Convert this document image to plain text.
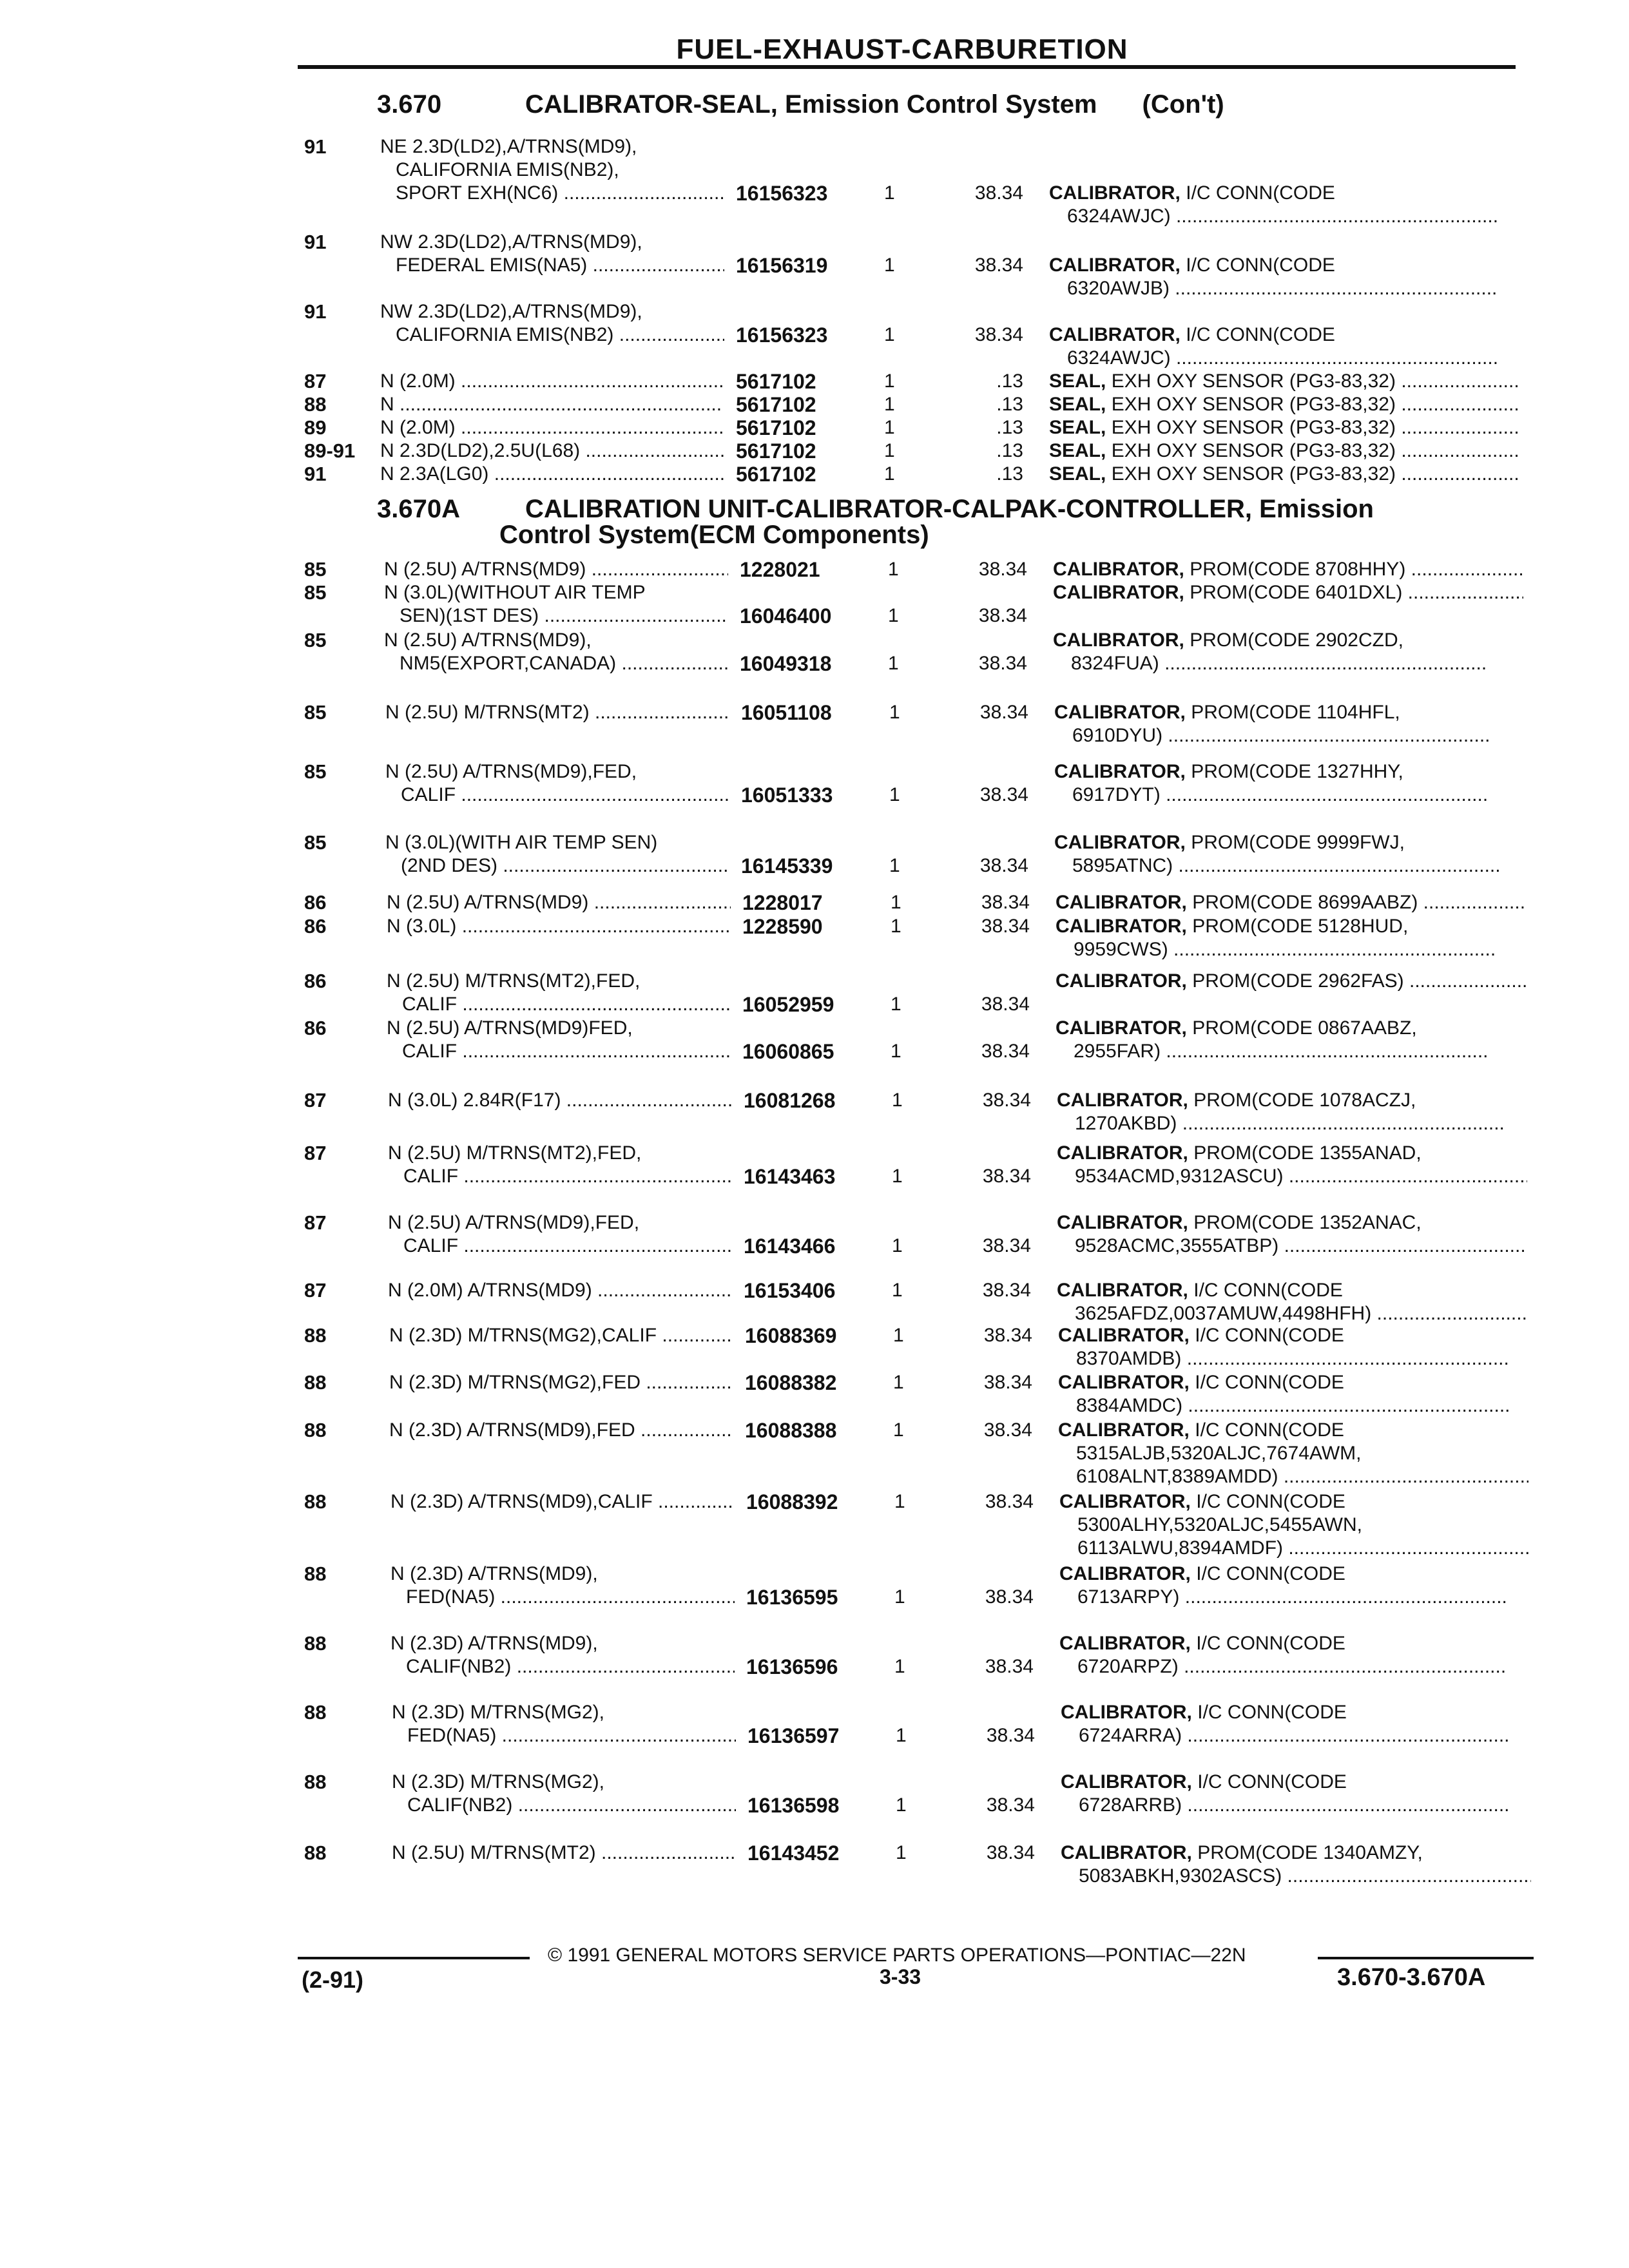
FUEL-EXHAUST-CARBURETION
3.670	CALIBRATOR-SEAL, Emission Control System (Con't)
3.670A	CALIBRATION UNIT-CALIBRATOR-CALPAK-CONTROLLER, Emission
Control System(ECM Components)
91	NE 2.3D(LD2),A/TRNS(MD9),
CALIFORNIA EMIS(NB2),
SPORT EXH(NC6) .....	16156323	1	38.34 CALIBRATOR, I/C CONN(CODE
6324AWJC) .....
91	NW 2.3D(LD2),A/TRNS(MD9),
FEDERAL EMIS(NA5) .....	16156319	1	38.34 CALIBRATOR, I/C CONN(CODE
6320AWJB) .....
91	NW 2.3D(LD2),A/TRNS(MD9),
CALIFORNIA EMIS(NB2) .....	16156323	1	38.34 CALIBRATOR, I/C CONN(CODE
6324AWJC) .....
87	N (2.0M) .....	5617102	1	.13 SEAL, EXH OXY SENSOR (PG3-83,32) .....
88	N .....	5617102	1	.13 SEAL, EXH OXY SENSOR (PG3-83,32) .....
89	N (2.0M) .....	5617102	1	.13 SEAL, EXH OXY SENSOR (PG3-83,32) .....
89-91	N 2.3D(LD2),2.5U(L68) .....	5617102	1	.13 SEAL, EXH OXY SENSOR (PG3-83,32) .....
91	N 2.3A(LG0) .....	5617102	1	.13 SEAL, EXH OXY SENSOR (PG3-83,32) .....
85	N (2.5U) A/TRNS(MD9) .....	1228021	1	38.34 CALIBRATOR, PROM(CODE 8708HHY) .....
85	N (3.0L)(WITHOUT AIR TEMP
SEN)(1ST DES) .....	16046400	1	38.34
CALIBRATOR, PROM(CODE 6401DXL) .....
85	N (2.5U) A/TRNS(MD9),
NM5(EXPORT,CANADA) .....	16049318	1	38.34
CALIBRATOR, PROM(CODE 2902CZD,
8324FUA) .....
85	N (2.5U) M/TRNS(MT2) .....	16051108	1	38.34 CALIBRATOR, PROM(CODE 1104HFL,
6910DYU) .....
85	N (2.5U) A/TRNS(MD9),FED,
CALIF .....	16051333	1	38.34
CALIBRATOR, PROM(CODE 1327HHY,
6917DYT) .....
85	N (3.0L)(WITH AIR TEMP SEN)
(2ND DES) .....	16145339	1	38.34
CALIBRATOR, PROM(CODE 9999FWJ,
5895ATNC) .....
86	N (2.5U) A/TRNS(MD9) .....	1228017	1	38.34 CALIBRATOR, PROM(CODE 8699AABZ) .....
86	N (3.0L) .....	1228590	1	38.34 CALIBRATOR, PROM(CODE 5128HUD,
9959CWS) .....
86	N (2.5U) M/TRNS(MT2),FED,
CALIF .....	16052959	1	38.34
CALIBRATOR, PROM(CODE 2962FAS) .....
86	N (2.5U) A/TRNS(MD9)FED,
CALIF .....	16060865	1	38.34
CALIBRATOR, PROM(CODE 0867AABZ,
2955FAR) .....
87	N (3.0L) 2.84R(F17) .....	16081268	1	38.34 CALIBRATOR, PROM(CODE 1078ACZJ,
1270AKBD) .....
87	N (2.5U) M/TRNS(MT2),FED,
CALIF .....	16143463	1	38.34
CALIBRATOR, PROM(CODE 1355ANAD,
9534ACMD,9312ASCU) .....
87	N (2.5U) A/TRNS(MD9),FED,
CALIF .....	16143466	1	38.34
CALIBRATOR, PROM(CODE 1352ANAC,
9528ACMC,3555ATBP) .....
87	N (2.0M) A/TRNS(MD9) .....	16153406	1	38.34 CALIBRATOR, I/C CONN(CODE
3625AFDZ,0037AMUW,4498HFH) .....
88	N (2.3D) M/TRNS(MG2),CALIF .....	16088369	1	38.34 CALIBRATOR, I/C CONN(CODE
8370AMDB) .....
88	N (2.3D) M/TRNS(MG2),FED .....	16088382	1	38.34 CALIBRATOR, I/C CONN(CODE
8384AMDC) .....
88	N (2.3D) A/TRNS(MD9),FED .....	16088388	1	38.34 CALIBRATOR, I/C CONN(CODE
5315ALJB,5320ALJC,7674AWM,
6108ALNT,8389AMDD) .....
88	N (2.3D) A/TRNS(MD9),CALIF .....	16088392	1	38.34 CALIBRATOR, I/C CONN(CODE
5300ALHY,5320ALJC,5455AWN,
6113ALWU,8394AMDF) .....
88	N (2.3D) A/TRNS(MD9),
FED(NA5) .....	16136595	1	38.34
CALIBRATOR, I/C CONN(CODE
6713ARPY) .....
88	N (2.3D) A/TRNS(MD9),
CALIF(NB2) .....	16136596	1	38.34
CALIBRATOR, I/C CONN(CODE
6720ARPZ) .....
88	N (2.3D) M/TRNS(MG2),
FED(NA5) .....	16136597	1	38.34
CALIBRATOR, I/C CONN(CODE
6724ARRA) .....
88	N (2.3D) M/TRNS(MG2),
CALIF(NB2) .....	16136598	1	38.34
CALIBRATOR, I/C CONN(CODE
6728ARRB) .....
88	N (2.5U) M/TRNS(MT2) .....	16143452	1	38.34 CALIBRATOR, PROM(CODE 1340AMZY,
5083ABKH,9302ASCS) .....
© 1991 GENERAL MOTORS SERVICE PARTS OPERATIONS—PONTIAC—22N
(2-91)	3-33	3.670-3.670A
